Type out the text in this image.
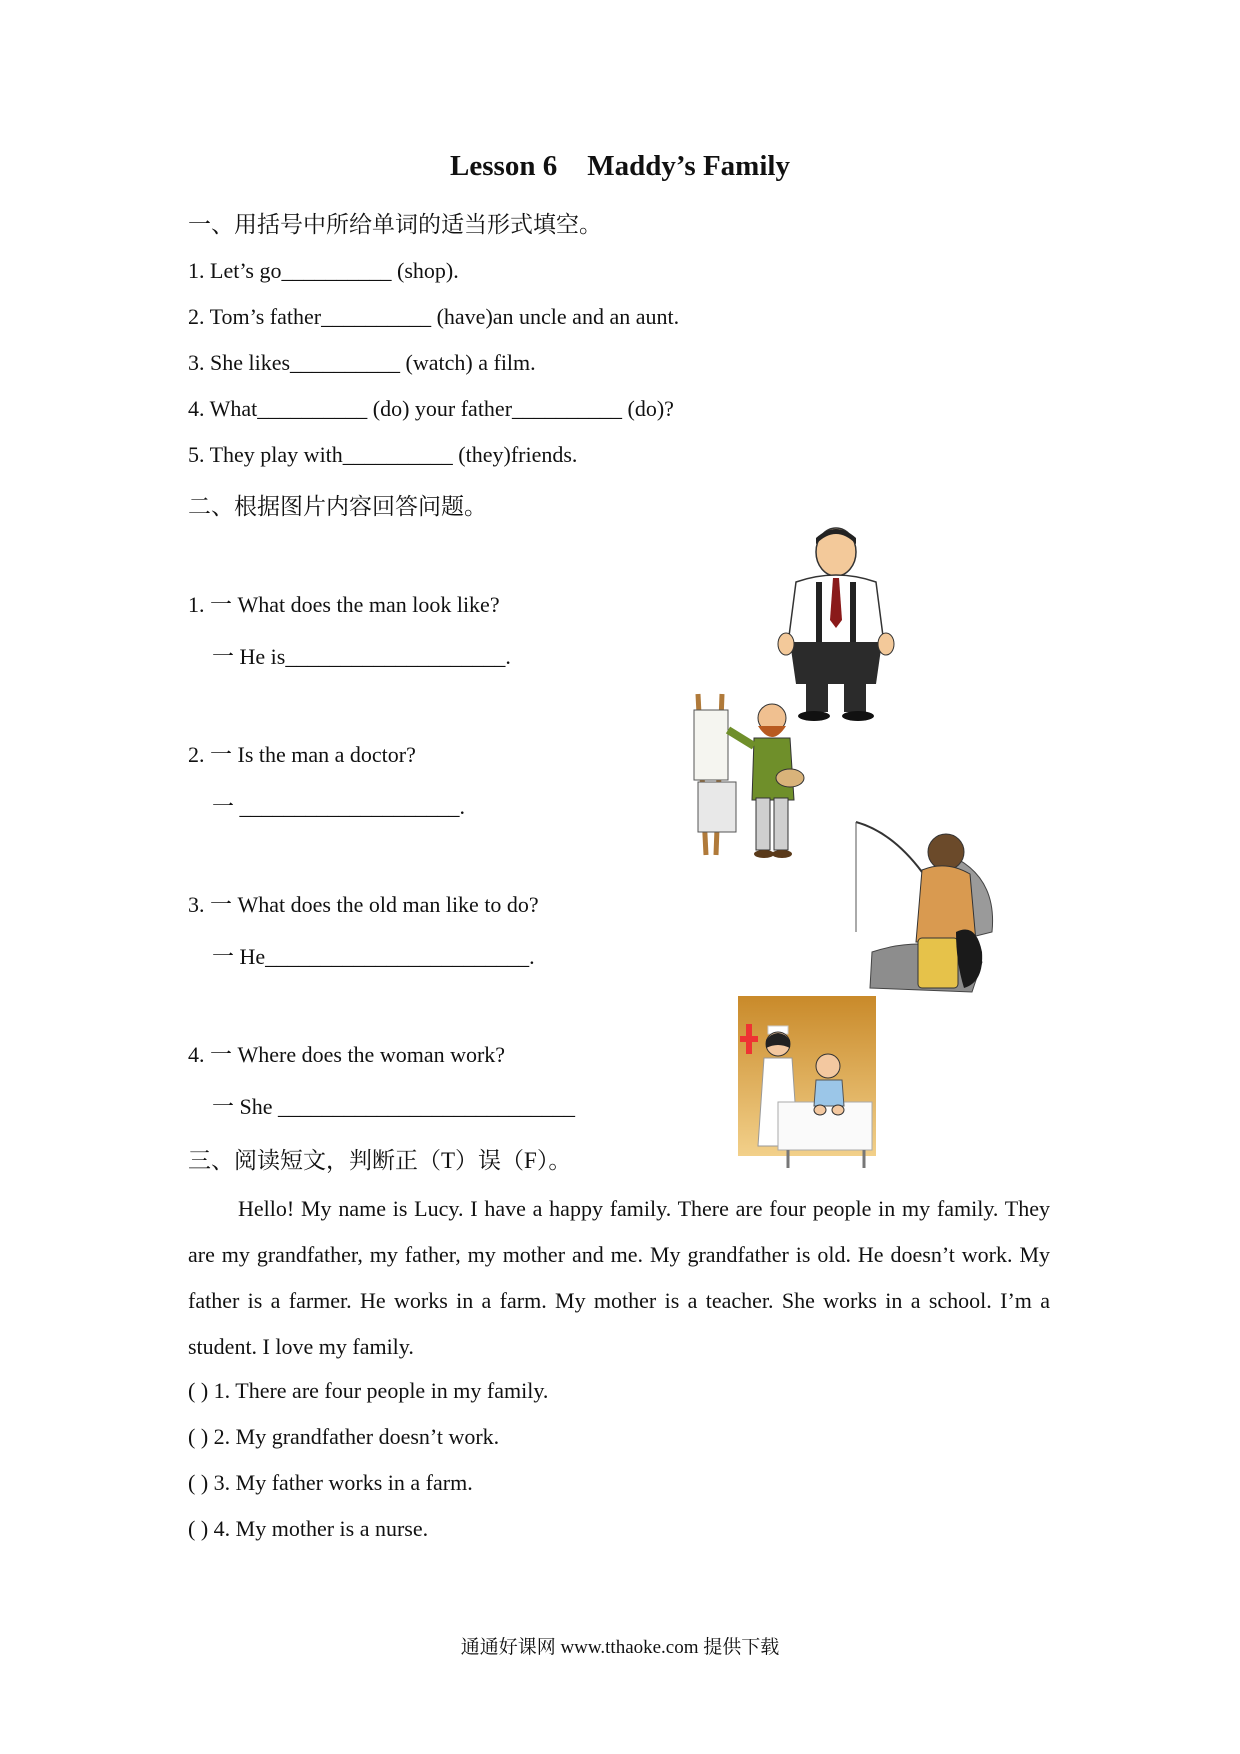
Lesson 6 Maddy’s Family
一、用括号中所给单词的适当形式填空。
1. Let’s go__________ (shop).
2. Tom’s father__________ (have)an uncle and an aunt.
3. She likes__________ (watch) a film.
4. What__________ (do) your father__________ (do)?
5. They play with__________ (they)friends.
二、根据图片内容回答问题。
1. 一 What does the man look like?
一 He is____________________.
2. 一 Is the man a doctor?
一 ____________________.
3. 一 What does the old man like to do?
一 He________________________.
4. 一 Where does the woman work?
一 She ___________________________
三、阅读短文，判断正（T）误（F）。
Hello! My name is Lucy. I have a happy family. There are four people in my family. They are my grandfather, my father, my mother and me. My grandfather is old. He doesn’t work. My father is a farmer. He works in a farm. My mother is a teacher. She works in a school. I’m a student. I love my family.
( ) 1. There are four people in my family.
( ) 2. My grandfather doesn’t work.
( ) 3. My father works in a farm.
( ) 4. My mother is a nurse.
通通好课网 www.tthaoke.com 提供下载
